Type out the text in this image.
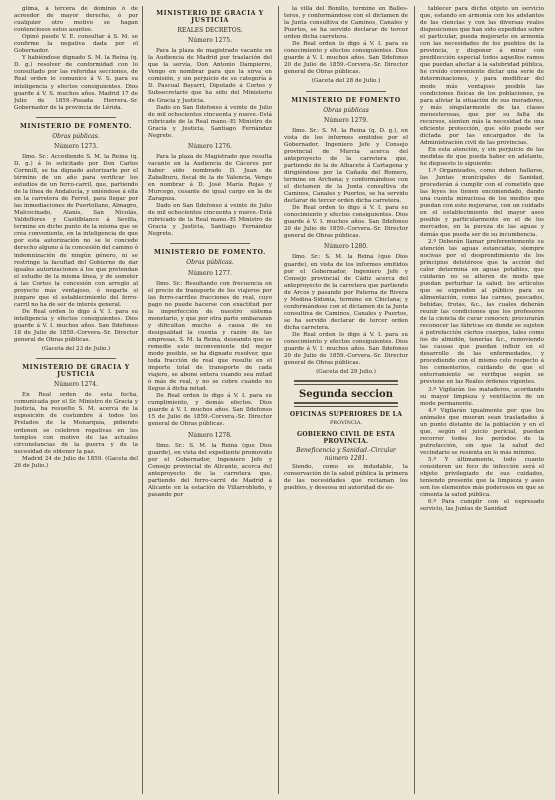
glima, á tercera de dominio ó de acreedor de mayor derecho, ó por cualquier otro motivo se hagan contenciosos estos asuntos.

Opinó puede V. E. consultar á S. M. se confirme la negativa dada por el Gobernador.

Y habiéndose dignado S. M. la Reina (q. D. g.) resolver de conformidad con lo consultado por las referidas secciones, de Real orden lo comunico á V. S. para su inteligencia y efectos consiguientes. Dios guarde á V. S. muchos años. Madrid 17 de Julio de 1859.-Posada Herrera.-Sr. Gobernador de la provincia de Lérida.

MINISTERIO DE FOMENTO.
Obras públicas.
Número 1273.

Ilmo. Sr.: Accediendo S. M. la Reina (q. D. g.) á lo solicitado por Don Carlos Cornnill, se ha dignado autorizarle por el término de un año para verificar los estudios de un ferro-carril, que, partiendo de la línea de Andalucía, y uniéndose á ella en la carretera de Ferrol, para llegar por las inmediaciones de Puertollano, Almagro, Malcocinado, Alanís, San Nicolás, Valdeflores y Castilblanco á Sevilla, termine en dicho punto de la misma que se crea conveniente, en la inteligencia de que por esta autorización no se le concede derecho alguno á la concesión del camino ó indemnización de ningún género, ni se restringe la facultad del Gobierno de dar iguales autorizaciones á los que pretendan el estudio de la misma línea, y de someter á las Cortes la concesión con arreglo al proyecto más ventajoso, ó negarla si juzgare que el establecimiento del ferro-carril no ha de ser de interés general.

De Real orden lo digo á V. I. para su inteligencia y efectos consiguientes. Dios guarde á V. I. muchos años. San Ildefonso 18 de Julio de 1859.-Corvera.-Sr. Director general de Obras públicas.

(Gaceta del 23 de Julio.)
MINISTERIO DE GRACIA Y JUSTICIA
Número 1274.

En Real orden de esta fecha, comunicada por el Sr. Ministro de Gracia y Justicia, ha resuelto S. M. acerca de la exposición de costumbre á todos los Prelados de la Monarquía, pidiendo ordenen se celebren rogativas en los templos con motivo de las actuales circunstancias de la guerra y de la necesidad de obtener la paz.

Madrid 24 de Julio de 1859. (Gaceta del 26 de Julio.)

MINISTERIO DE GRACIA Y JUSTICIA
REALES DECRETOS.
Número 1275.

Para la plaza de magistrado vacante en la Audiencia de Madrid por traslación del que la servía, Don Antonio Dampierre, Vengo en nombrar para que la sirva en comisión, y sin perjuicio de su categoría á D. Pascual Bayarri, Diputado á Cortes y Subsecretario que ha sido del Ministerio de Gracia y Justicia.

Dado en San Ildefonso á veinte de Julio de mil ochocientos cincuenta y nueve.-Está rubricado de la Real mano.-El Ministro de Gracia y Justicia, Santiago Fernández Negrete.

Número 1276.

Para la plaza de Magistrado que resulta vacante en la Audiencia de Cáceres por haber sido nombrado D. Juan de Zabalburu, fiscal de la de Valencia, Vengo en nombrar á D. José María Rojas y Murcego, cesante de igual cargo en la de Zaragoza.

Dado en San Ildefonso á veinte de Julio de mil ochocientos cincuenta y nueve.-Está rubricado de la Real mano.-El Ministro de Gracia y Justicia, Santiago Fernández Negrete.

MINISTERIO DE FOMENTO.
Obras públicas.
Número 1277.

Ilmo. Sr.: Resultando con frecuencia en el precio de transporte de los viajeros por las ferro-carriles fracciones de real, cuyo pago no puede hacerse con exactitud por la imperfección de nuestro sistema monetario, y que por otra parte embarazan y dificultan mucho á causa de su desigualdad la cuenta y razón de las empresas, S. M. la Reina, deseando que se remedie este inconveniente del mejor modo posible, se ha dignado resolver, que toda fracción de real que resulte en el importe total de transporte de cada viajero, se abone entera cuando sea mitad ó más de real, y no se cobre cuando no llegue á dicha mitad.

De Real orden lo digo á V. I. para su cumplimiento, y demás efectos. Dios guarde á V. I. muchos años. San Ildefonso 15 de Julio de 1859.-Corvera.-Sr. Director general de Obras públicas.

Número 1278.

Ilmo. Sr.: S. M. la Reina (que Dios guarde), en vista del expediente promovido por el Gobernador, Ingeniero Jefe y Consejo provincial de Alicante, acerca del anteproyecto de la carretera que, partiendo del ferro-carril de Madrid á Alicante en la estación de Villarrobledo, y pasando por

la villa del Bonillo, termine en Balles- teros, y conformándose con el dictamen de la Junta consultiva de Caminos, Canales y Puertos, se ha servido declarar de tercer orden dicha carretera.

De Real orden lo digo á V. I. para su conocimiento y efectos consiguientes. Dios guarde á V. I. muchos años. San Ildefonso 20 de Julio de 1859.-Corvera.-Sr. Director general de Obras públicas.

(Gaceta del 28 de Julio.)
MINISTERIO DE FOMENTO
Obras públicas
Número 1279.

Ilmo. Sr.: S. M. la Reina (q. D. g.), en vista de los informes emitidos por el Gobernador, Ingeniero Jefe y Consejo provincial de Murcia acerca del anteproyecto de la carretera que, partiendo de la de Albacete á Cartagena y dirigiéndose por la Cañada del Romero, termine en Archena; y conformándose con el dictamen de la Junta consultiva de Caminos, Canales y Puertos, se ha servido declarar de tercer orden dicha carretera.

De Real orden lo digo á V. I. para su conocimiento y efectos consiguientes. Dios guarde á V. I. muchos años. San Ildefonso 20 de Julio de 1859.-Corvera.-Sr. Director general de Obras públicas.

Número 1280.

Ilmo. Sr.: S. M. la Reina (que Dios guarde), en vista de los informes emitidos por el Gobernador, Ingeniero Jefe y Consejo provincial de Cádiz acerca del anteproyecto de la carretera que partiendo de Arcos y pasando por Paterna de Rivera y Medina-Sidonia, termine en Chiclana; y conformándose con el dictamen de la Junta consultiva de Caminos, Canales y Puertos, se ha servido declarar de tercer orden dicha carretera.

De Real orden lo digo á V. I. para su conocimiento y efectos consiguientes. Dios guarde á V. I. muchos años. San Ildefonso 20 de Julio de 1859.-Corvera.-Sr. Director general de Obras públicas.

(Gaceta del 29 Julio.)
Segunda seccion
OFICINAS SUPERIORES DE LA
PROVINCIA.
GOBIERNO CIVIL DE ESTA PROVINCIA.
Beneficencia y Sanidad.-Circular número 1281.

Siendo, como es indudable, la conservación de la salud pública la primera de las necesidades que reclaman los pueblos, y deseosa mi autoridad de es-

tablecer para dicho objeto un servicio que, estando en armonía con los adelantos de las ciencias y con las diversas reales disposiciones que han sido expedidas sobre el particular, pueda mejorarlo en armonía con las necesidades de los pueblos de la provincia, y disponer á mirar con predilección especial todos aquellos ramos que puedan afectar á la salubridad pública, he creído conveniente dictar una serie de determinaciones, y para modificar del modo más ventajoso posible las condiciones físicas de los poblaciones, ya para aliviar la situación de sus moradores, y más singularmente de las clases menesterosas, que por su falta de recursos, sienten más la necesidad de una eficiente protección, que sólo puede ser dictada por las encargados de la Administración civil de las provincias.

En esta atención, y sin perjuicio de las medidas de que pueda haber en adelante, he dispuesto lo siguiente:

1.º Organizados, como deben hallarse, las Juntas municipales de Sanidad, procederán á cumplir con el cometido que las leyes les tienen encomendado, dando una cuenta minuciosa de los medios que puedan con esto mejorarse, con un cuidado en el establecimiento del mayor aseo posible y particularmente en el de los mercados, en la pureza de las aguas y demás que pueda ser de su incumbencia.

2.º Deberán llamar preferentemente su atención las aguas estancadas, siempre nocivas por el desprendimiento de los principios deletéreos que la acción del calor determina en aguas potables, que cuidarán no se alteren de modo que puedan perturbar la salud; los artículos que se expenden al público para su alimentación, como las carnes, pescados, bebidas, frutas, &c., las cuales deberán reunir las condiciones que los profesores de la ciencia de curar conocen; procurarán reconocer las fábricas en donde se sujeten á putrefacción ciertos cuerpos, tales como los de almidón, tenerías &c., removiendo las causas que puedan influir en el desarrollo de las enfermedades, y procediendo con el mismo celo respecto á los cementerios, cuidando de que el enterramiento se verifique según se previene en las Reales órdenes vigentes.

3.º Vigilarán los mataderos, acordando su mayor limpieza y ventilación de un modo permanente.

4.º Vigilarán igualmente por que los animales que mueran sean trasladados á un punto distante de la población y en el que, según el juicio pericial, puedan recorrer todos los períodos de la putrefacción, sin que la salud del vecindario se resienta en lo más mínimo.

5.º Y últimamente, todo cuanto consideren un foco de infección será el objeto privilegiado de sus cuidados, teniendo presente que la limpieza y aseo son los elementos más poderosos en que se cimenta la salud pública.

6.º Para cumplir con el expresado servicio, las Juntas de Sanidad
